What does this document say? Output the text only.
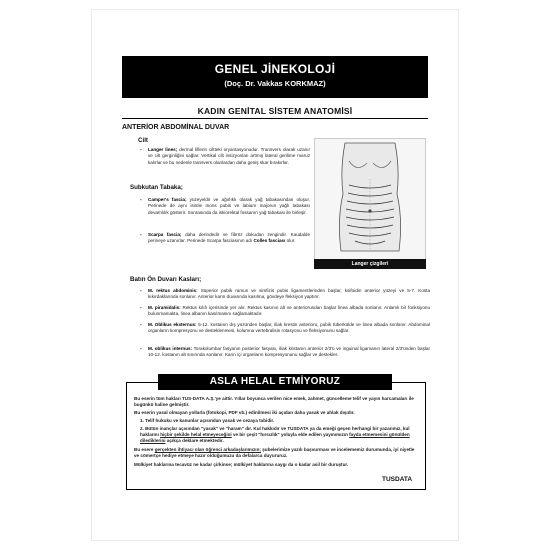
GENEL JİNEKOLOJİ
(Doç. Dr. Vakkas KORKMAZ)
KADIN GENİTAL SİSTEM ANATOMİSİ
ANTERİOR ABDOMİNAL DUVAR
Cilt
- Langer lines; dermal liflerin ciltteki oryantasyonudur. Transvers olarak uzanır ve cilt gerginliğini sağlar. Vertikal cilt insizyonları artmış lateral gerilime maruz kalırlar ve bu nedenle transvers olanlardan daha geniş skar bırakırlar.
Subkutan Tabaka;
- Camper's fascia; yüzeyeldir ve ağırlıklı olarak yağ tabakasından oluşur. Perinede de aynı isimle mons pubis ve labium majorun yağlı tabakası devamlılık gösterir. Sonrasında da iskiorektal fossanın yağ tabakası ile birleşir.
- Scarpa fascia; daha derindedir ve fibröz dokudan zengindir. Kaudalde perineye uzanırlar. Perinede Scarpa fasciasının adı Colles fasciası olur.
Langer çizgileri
Batın Ön Duvarı Kasları;
- M. rektus abdominis: Süperior pubik ramus ve simfizis pubis ligamentlerinden başlar, ksifoidin anterior yüzeyi ve 5-7. Kosta kıkırdaklarında sonlanır. Anterior karın duvarında kasılma, gövdeye fleksiyon yaptırır.
- M. piramidalis: Rektus kılıfı içerisinde yer alır. Rektus kasının alt ve anteriorundan başlar linea albada sonlanır. Anlamlı bir fonksiyonu bulunmamakta, linea albanın kasılmasını sağlamaktadır.
- M. Oblikus eksternus: 5-12. kostanın dış yüzünden başlar, iliak krestin anterioru, pubik tüberkülde ve linea albada sonlanır. Abdominal organların kompresyonu ve desteklenmesi, kolumna vertebralisin rotasyonu ve fleksiyonunu sağlar.
- M. oblikus internus: Torakolumbar fasyanın posterior fasyası, iliak kristanın anterior 2/3'ü ve inguinal ligamanın lateral 2/3'ünden başlar 10-12. kostanın alt sınırında sonlanır. Karın içi organların kompresyonunu sağlar ve destekler.
ASLA HELAL ETMİYORUZ
Bu eserin tüm hakları TUS-DATA A.Ş.'ye aittir. Yıllar boyunca verilen nice emek, zahmet, güncelleme telif ve yayın harcamaları ile bugünkü haline gelmiştir.
Bu eserin yasal olmayan yollarla (fotokopi, PDF vb.) edinilmesi iki açıdan daha yasak ve ahlak dışıdır.
1. Telif hukuku ve kanunlar açısından yasak ve cezaya tabidir.
2. Bütün inançlar açısından "yasak" ve "haram" dır. Kul hakkıdır ve TUSDATA ya da emeği geçen herhangi bir yazarımız, kul haklarını hiçbir şekilde helal etmeyeceğini ve bir çeşit "hırsızlık" yoluyla elde edilen yayınımızın fayda etmemesini gönülden dilediklerini açıkça deklare etmektedir.
Bu esere gerçekten ihtiyacı olan öğrenci arkadaşlarımızın; şubelerimize yazılı başvurması ve incelememiz durumunda, iyi niyetle ve cömertçe hediye etmeye hazır olduğumuzu da defalarca duyururuz.
Mülkiyet haklarına tecavüz ne kadar çirkinse; mülkiyet haklarına saygı da o kadar asil bir duruştur.
TUSDATA
